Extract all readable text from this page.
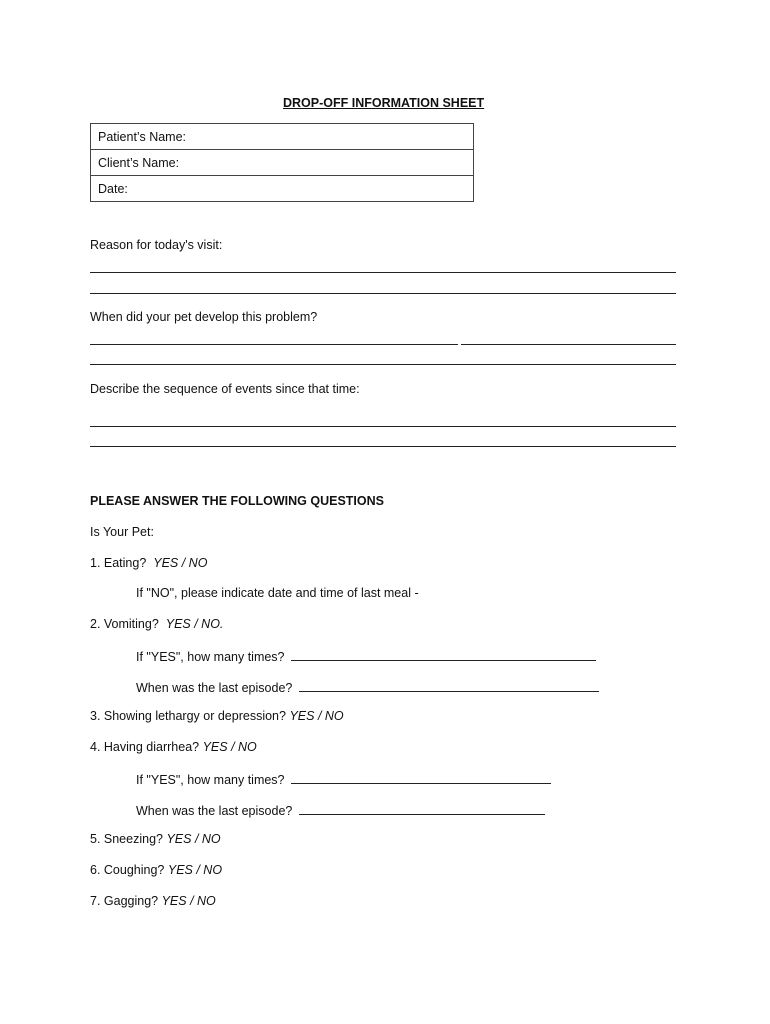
DROP-OFF INFORMATION SHEET
Patient’s Name:
Client’s Name:
Date:
Reason for today's visit:
When did your pet develop this problem?
Describe the sequence of events since that time:
PLEASE ANSWER THE FOLLOWING QUESTIONS
Is Your Pet:
1. Eating? YES / NO
If "NO", please indicate date and time of last meal -
2. Vomiting? YES / NO.
If "YES", how many times?
When was the last episode?
3. Showing lethargy or depression? YES / NO
4. Having diarrhea? YES / NO
If "YES", how many times?
When was the last episode?
5. Sneezing? YES / NO
6. Coughing? YES / NO
7. Gagging? YES / NO
